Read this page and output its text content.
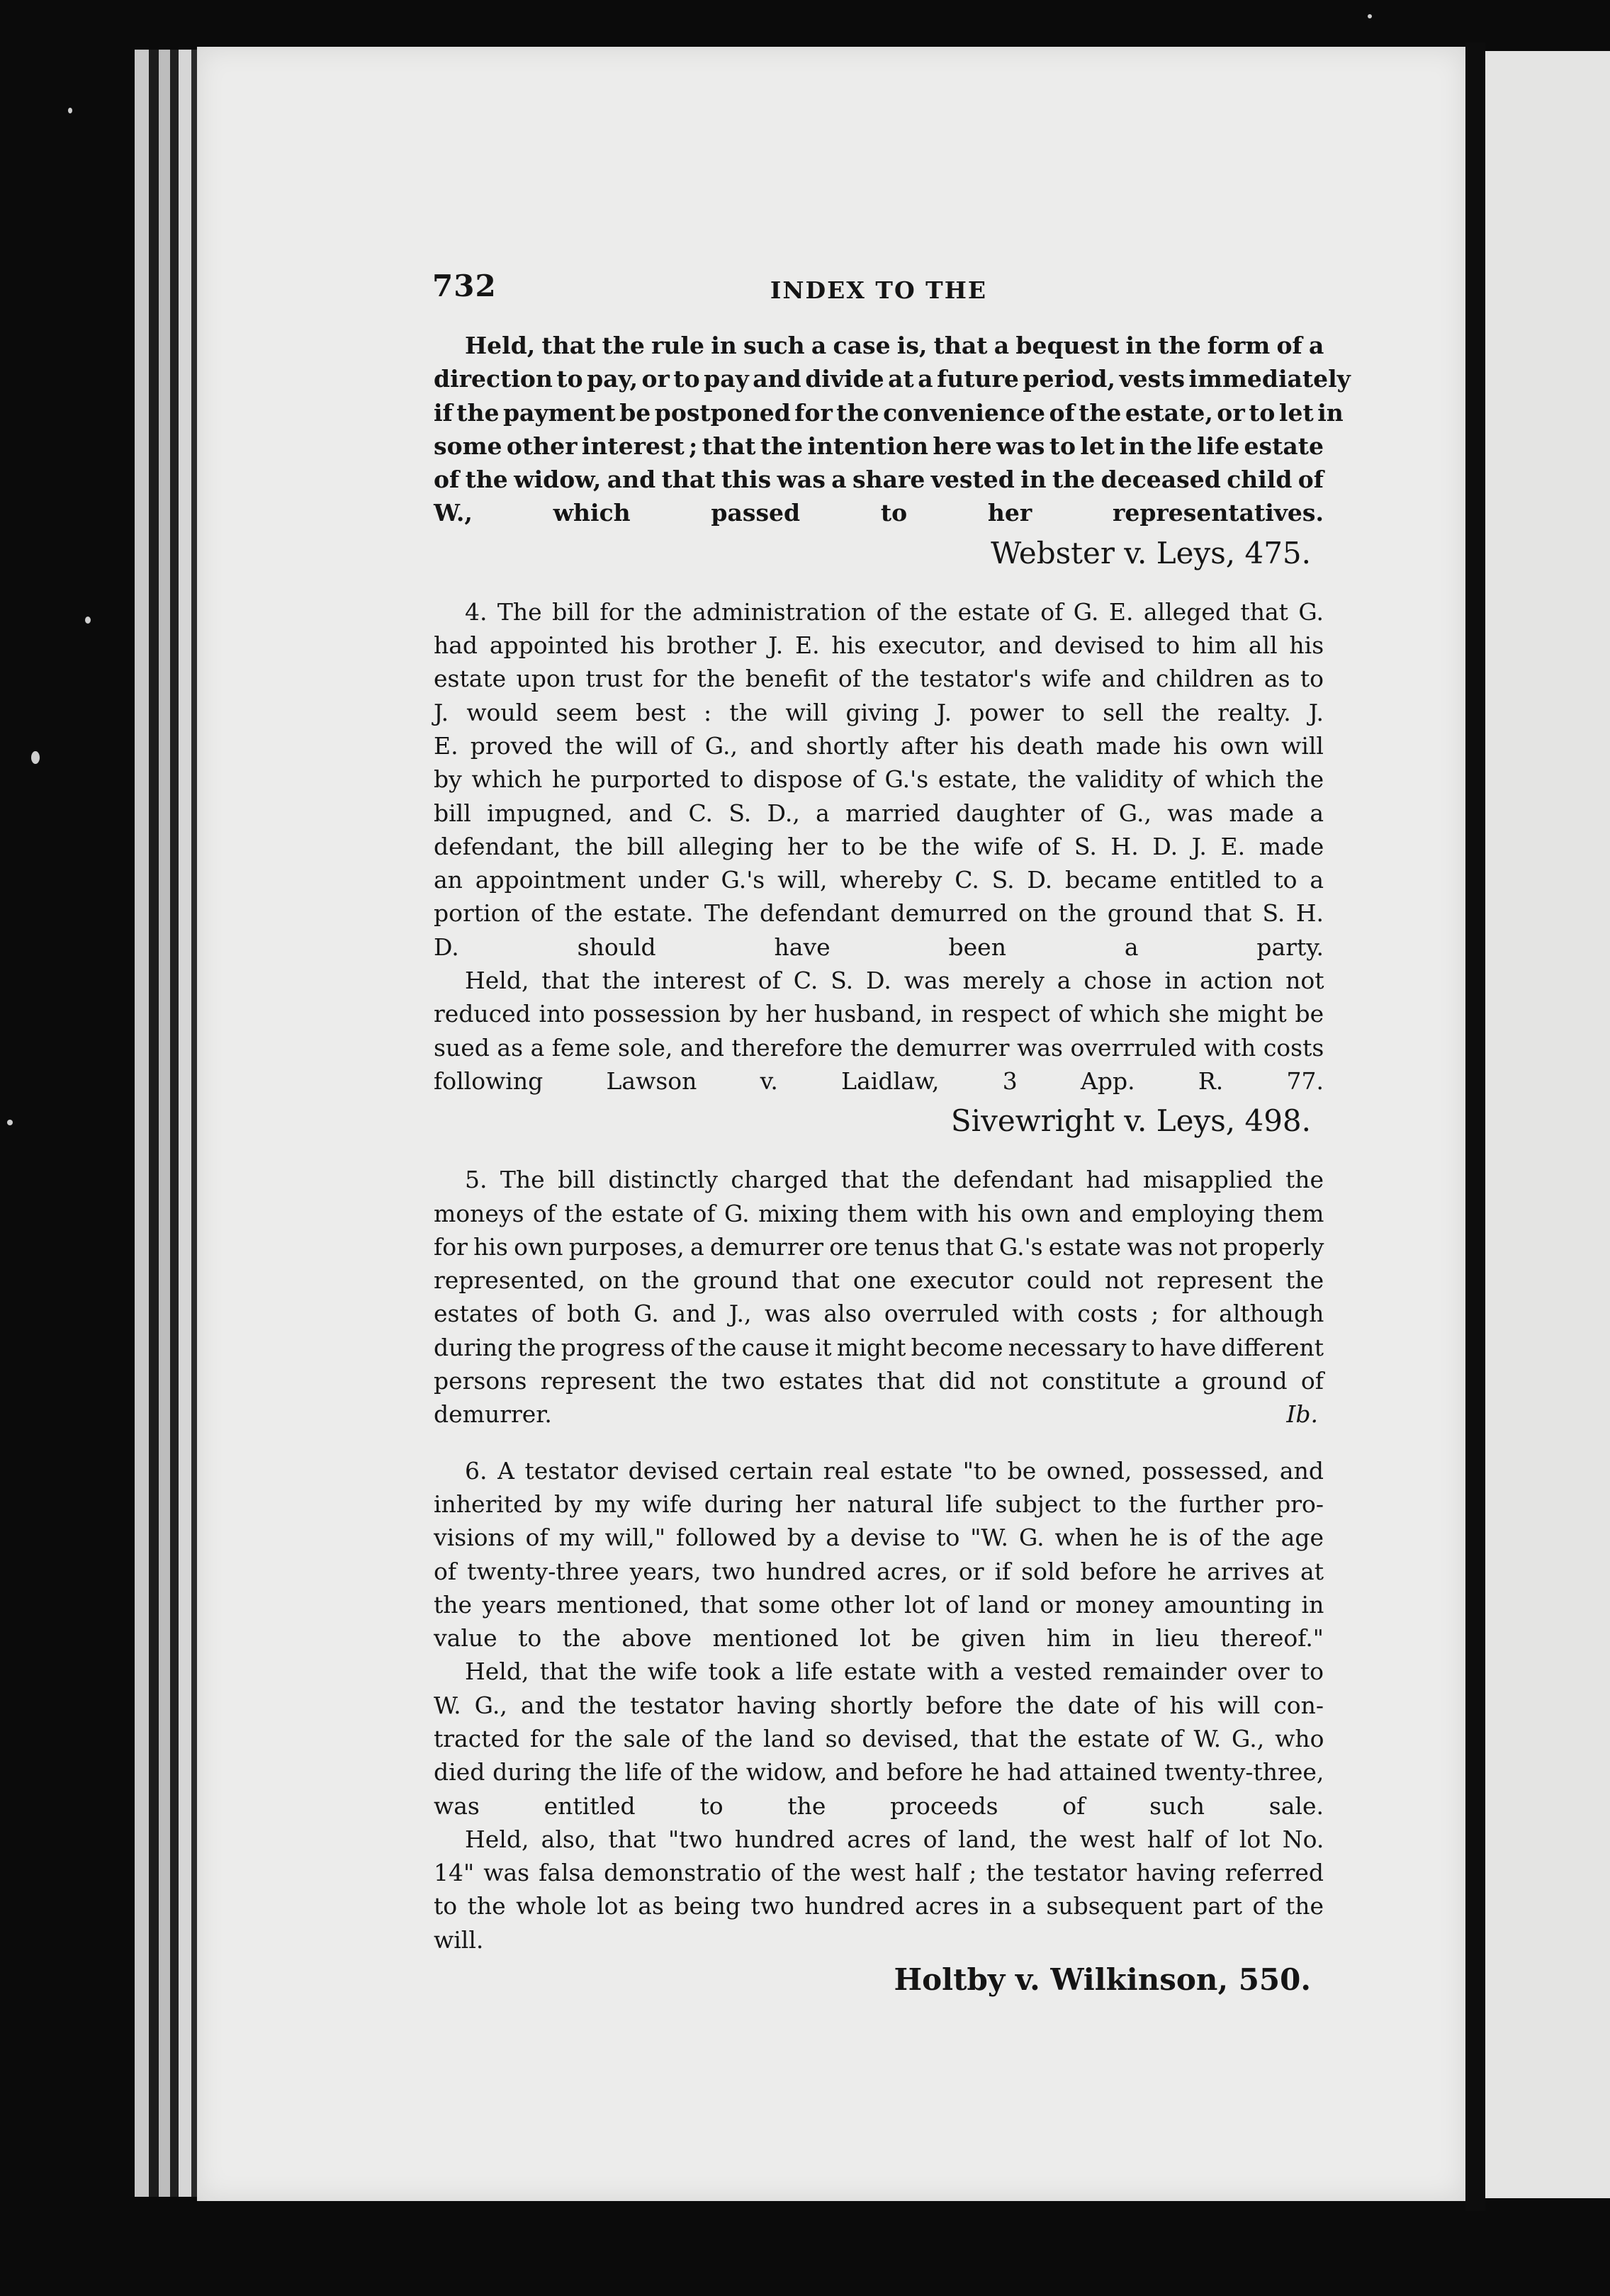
732	INDEX TO THE
Held, that the rule in such a case is, that a bequest in the form of a
direction to pay, or to pay and divide at a future period, vests immediately
if the payment be postponed for the convenience of the estate, or to let in
some other interest ; that the intention here was to let in the life estate
of the widow, and that this was a share vested in the deceased child of
W., which passed to her representatives.
Webster v. Leys, 475.
4. The bill for the administration of the estate of G. E. alleged that G.
had appointed his brother J. E. his executor, and devised to him all his
estate upon trust for the benefit of the testator's wife and children as to
J. would seem best : the will giving J. power to sell the realty. J.
E. proved the will of G., and shortly after his death made his own will
by which he purported to dispose of G.'s estate, the validity of which the
bill impugned, and C. S. D., a married daughter of G., was made a
defendant, the bill alleging her to be the wife of S. H. D. J. E. made
an appointment under G.'s will, whereby C. S. D. became entitled to a
portion of the estate. The defendant demurred on the ground that S. H.
D. should have been a party.
Held, that the interest of C. S. D. was merely a chose in action not
reduced into possession by her husband, in respect of which she might be
sued as a feme sole, and therefore the demurrer was overrruled with costs
following Lawson v. Laidlaw, 3 App. R. 77.
Sivewright v. Leys, 498.
5. The bill distinctly charged that the defendant had misapplied the
moneys of the estate of G. mixing them with his own and employing them
for his own purposes, a demurrer ore tenus that G.'s estate was not properly
represented, on the ground that one executor could not represent the
estates of both G. and J., was also overruled with costs ; for although
during the progress of the cause it might become necessary to have different
persons represent the two estates that did not constitute a ground of
demurrer.	Ib.
6. A testator devised certain real estate "to be owned, possessed, and
inherited by my wife during her natural life subject to the further pro-
visions of my will," followed by a devise to "W. G. when he is of the age
of twenty-three years, two hundred acres, or if sold before he arrives at
the years mentioned, that some other lot of land or money amounting in
value to the above mentioned lot be given him in lieu thereof."
Held, that the wife took a life estate with a vested remainder over to
W. G., and the testator having shortly before the date of his will con-
tracted for the sale of the land so devised, that the estate of W. G., who
died during the life of the widow, and before he had attained twenty-three,
was entitled to the proceeds of such sale.
Held, also, that "two hundred acres of land, the west half of lot No.
14" was falsa demonstratio of the west half ; the testator having referred
to the whole lot as being two hundred acres in a subsequent part of the
will.
Holtby v. Wilkinson, 550.
